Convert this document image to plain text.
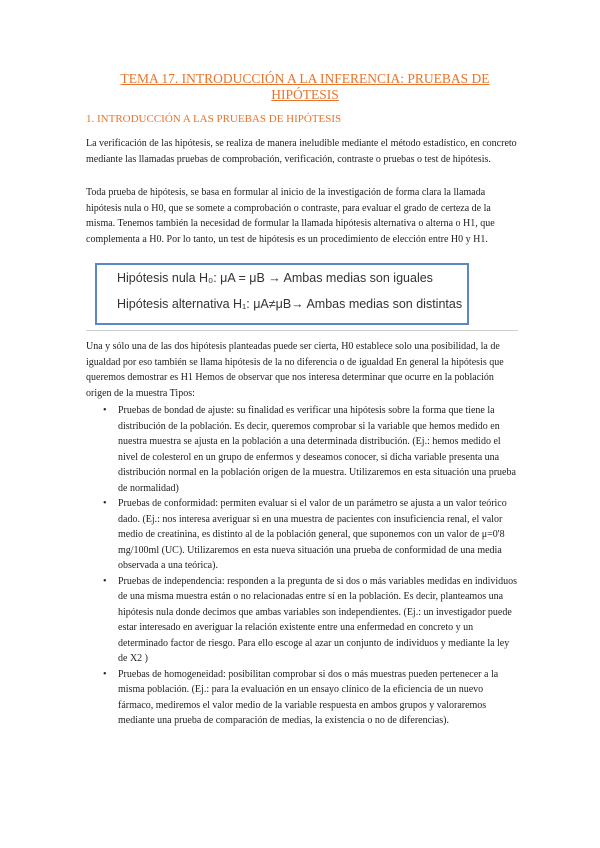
TEMA 17. INTRODUCCIÓN A LA INFERENCIA: PRUEBAS DE HIPÓTESIS
1. INTRODUCCIÓN A LAS PRUEBAS DE HIPÓTESIS

La verificación de las hipótesis, se realiza de manera ineludible mediante el método estadístico, en concreto mediante las llamadas pruebas de comprobación, verificación, contraste o pruebas o test de hipótesis.

Toda prueba de hipótesis, se basa en formular al inicio de la investigación de forma clara la llamada hipótesis nula o H0, que se somete a comprobación o contraste, para evaluar el grado de certeza de la misma. Tenemos también la necesidad de formular la llamada hipótesis alternativa o alterna o H1, que complementa a H0. Por lo tanto, un test de hipótesis es un procedimiento de elección entre H0 y H1.

Hipótesis nula H₀: μA = μB → Ambas medias son iguales
Hipótesis alternativa H₁: μA≠μB→ Ambas medias son distintas

Una y sólo una de las dos hipótesis planteadas puede ser cierta, H0 establece solo una posibilidad, la de igualdad por eso también se llama hipótesis de la no diferencia o de igualdad En general la hipótesis que queremos demostrar es H1 Hemos de observar que nos interesa determinar que ocurre en la población origen de la muestra Tipos:

• Pruebas de bondad de ajuste: su finalidad es verificar una hipótesis sobre la forma que tiene la distribución de la población. Es decir, queremos comprobar si la variable que hemos medido en nuestra muestra se ajusta en la población a una determinada distribución. (Ej.: hemos medido el nivel de colesterol en un grupo de enfermos y deseamos conocer, si dicha variable presenta una distribución normal en la población origen de la muestra. Utilizaremos en esta situación una prueba de normalidad)
• Pruebas de conformidad: permiten evaluar si el valor de un parámetro se ajusta a un valor teórico dado. (Ej.: nos interesa averiguar si en una muestra de pacientes con insuficiencia renal, el valor medio de creatinina, es distinto al de la población general, que suponemos con un valor de μ=0'8 mg/100ml (UC). Utilizaremos en esta nueva situación una prueba de conformidad de una media observada a una teórica).
• Pruebas de independencia: responden a la pregunta de si dos o más variables medidas en individuos de una misma muestra están o no relacionadas entre sí en la población. Es decir, planteamos una hipótesis nula donde decimos que ambas variables son independientes. (Ej.: un investigador puede estar interesado en averiguar la relación existente entre una enfermedad en concreto y un determinado factor de riesgo. Para ello escoge al azar un conjunto de individuos y mediante la ley de X2 )
• Pruebas de homogeneidad: posibilitan comprobar si dos o más muestras pueden pertenecer a la misma población. (Ej.: para la evaluación en un ensayo clínico de la eficiencia de un nuevo fármaco, mediremos el valor medio de la variable respuesta en ambos grupos y valoraremos mediante una prueba de comparación de medias, la existencia o no de diferencias).
